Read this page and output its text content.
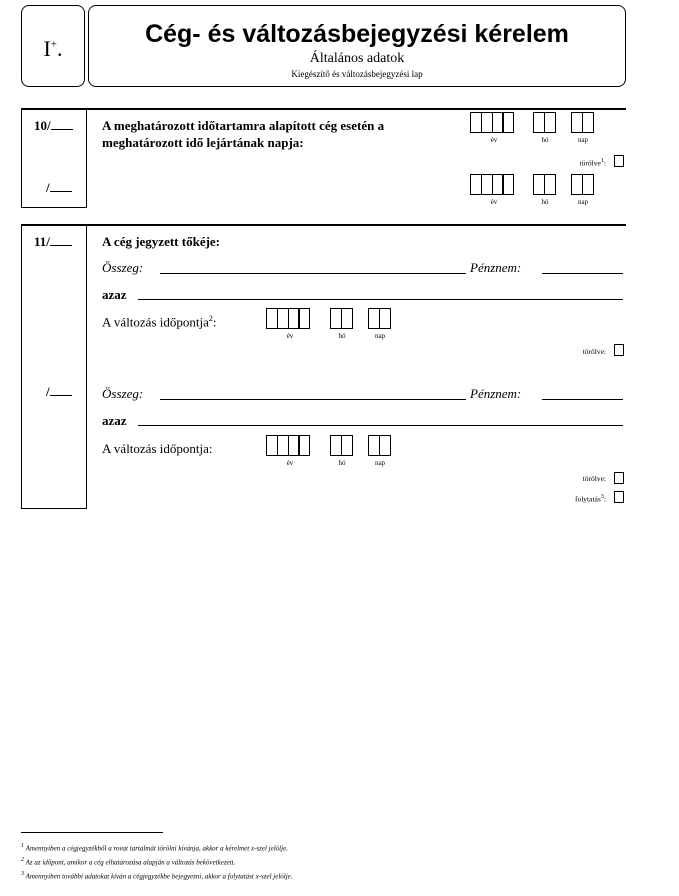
I+.
Cég- és változásbejegyzési kérelem
Általános adatok
Kiegészítő és változásbejegyzési lap
10/
/
A meghatározott időtartamra alapított cég esetén a
meghatározott idő lejártának napja:	év	hó	nap
törölve$^1$:
év	hó	nap
11/
/
A cég jegyzett tőkéje:
Összeg:	Pénznem:
azaz
A változás időpontja$^2$:
év	hó	nap
törölve:
Összeg:	Pénznem:
azaz
A változás időpontja:
év	hó	nap
törölve:
folytatás$^3$:
$^1$ Amennyiben a cégjegyzékből a rovat tartalmát törölni kívánja, akkor a kérelmet x-szel jelölje.
$^2$ Az az időpont, amikor a cég elhatározása alapján a változás bekövetkezett.
$^3$ Amennyiben további adatokat kíván a cégjegyzékbe bejegyezni, akkor a folytatást x-szel jelölje.
